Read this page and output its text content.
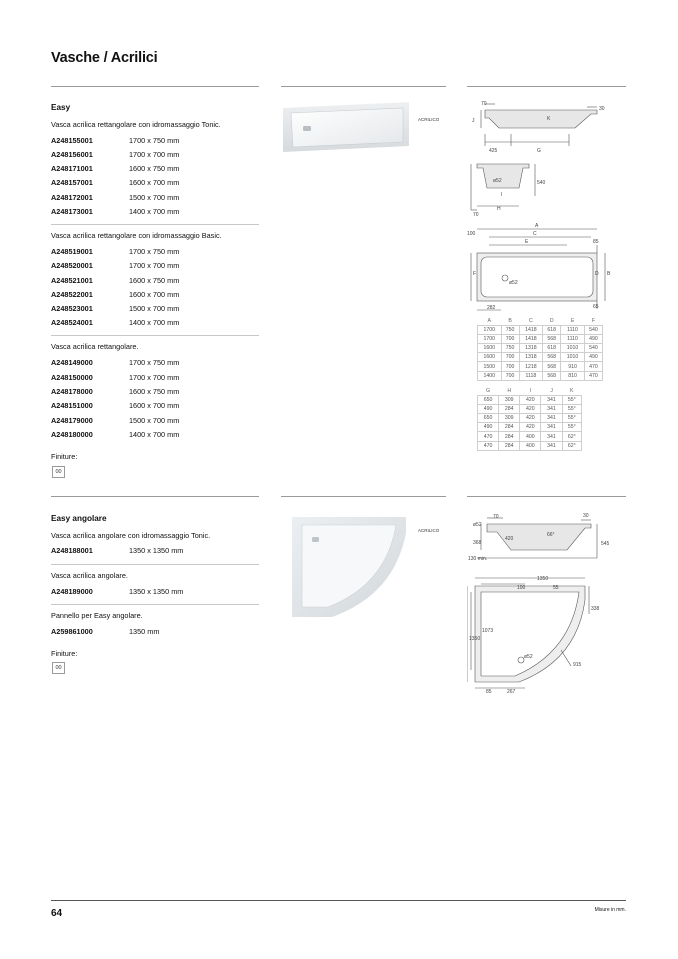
Vasche / Acrilici
Easy
Vasca acrilica rettangolare con idromassaggio Tonic.
A248155001	1700 x 750 mm
A248156001	1700 x 700 mm
A248171001	1600 x 750 mm
A248157001	1600 x 700 mm
A248172001	1500 x 700 mm
A248173001	1400 x 700 mm
Vasca acrilica rettangolare con idromassaggio Basic.
A248519001	1700 x 750 mm
A248520001	1700 x 700 mm
A248521001	1600 x 750 mm
A248522001	1600 x 700 mm
A248523001	1500 x 700 mm
A248524001	1400 x 700 mm
Vasca acrilica rettangolare.
A248149000	1700 x 750 mm
A248150000	1700 x 700 mm
A248178000	1600 x 750 mm
A248151000	1600 x 700 mm
A248179000	1500 x 700 mm
A248180000	1400 x 700 mm
Finiture:
00
ACRILICO
70
30
K
J
425	G
ø52	540
I
H
70
A
C
E
100
85
F	D B
ø52
65
282
A	B	C	D	E	F
1700	750	1418	618	1110	540
1700	700	1418	568	1110	490
1600	750	1318	618	1010	540
1600	700	1318	568	1010	490
1500	700	1218	568	910	470
1400	700	1118	568	810	470
G	H	I	J	K
650	309	420	341	55°
490	284	420	341	55°
650	309	420	341	55°
490	284	420	341	55°
470	284	400	341	62°
470	284	400	341	62°
Easy angolare
Vasca acrilica angolare con idromassaggio Tonic.
A248188001	1350 x 1350 mm
Vasca acrilica angolare.
A248189000	1350 x 1350 mm
Pannello per Easy angolare.
A259861000	1350 mm
Finiture:
00
ACRILICO
ø52
70	30
420
66°
368	545
130 min.
1350
100	55
338
1073
1350
ø52
915
85	267
64	Misure in mm.
